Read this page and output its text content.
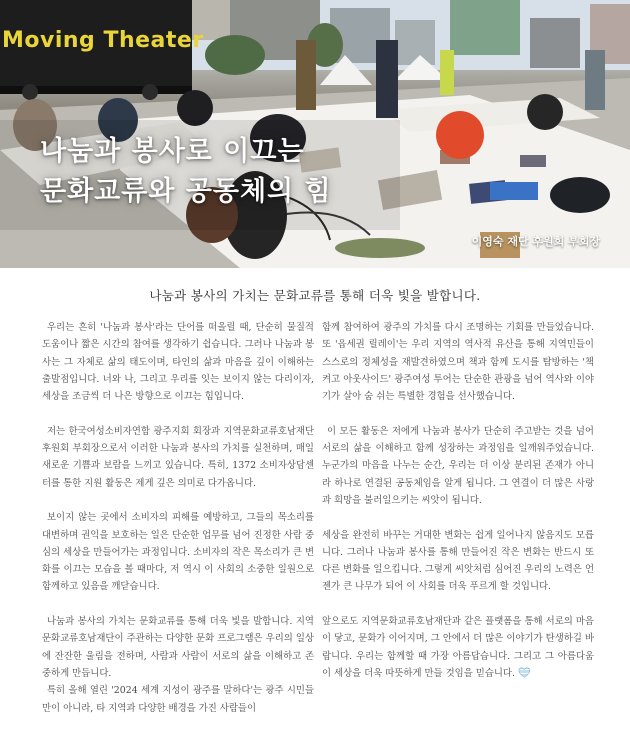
Moving Theater
나눔과 봉사로 이끄는
문화교류와 공동체의 힘
이영숙 재단 후원회 부회장
나눔과 봉사의 가치는 문화교류를 통해 더욱 빛을 발합니다.

우리는 흔히 '나눔과 봉사'라는 단어를 떠올릴 때, 단순히 물질적 도움이나 짧은 시간의 참여를 생각하기 쉽습니다. 그러나 나눔과 봉사는 그 자체로 삶의 태도이며, 타인의 삶과 마음을 깊이 이해하는 출발점입니다. 너와 나, 그리고 우리를 잇는 보이지 않는 다리이자, 세상을 조금씩 더 나은 방향으로 이끄는 힘입니다.

저는 한국여성소비자연합 광주지회 회장과 지역문화교류호남재단 후원회 부회장으로서 이러한 나눔과 봉사의 가치를 실천하며, 매일 새로운 기쁨과 보람을 느끼고 있습니다. 특히, 1372 소비자상담센터를 통한 지원 활동은 제게 깊은 의미로 다가옵니다.

보이지 않는 곳에서 소비자의 피해를 예방하고, 그들의 목소리를 대변하며 권익을 보호하는 일은 단순한 업무를 넘어 진정한 사람 중심의 세상을 만들어가는 과정입니다. 소비자의 작은 목소리가 큰 변화를 이끄는 모습을 볼 때마다, 저 역시 이 사회의 소중한 일원으로 함께하고 있음을 깨닫습니다.

나눔과 봉사의 가치는 문화교류를 통해 더욱 빛을 발합니다. 지역문화교류호남재단이 주관하는 다양한 문화 프로그램은 우리의 일상에 잔잔한 울림을 전하며, 사람과 사람이 서로의 삶을 이해하고 존중하게 만듭니다.

특히 올해 열린 '2024 세계 지성이 광주를 말하다'는 광주 시민들만이 아니라, 타 지역과 다양한 배경을 가진 사람들이

함께 참여하여 광주의 가치를 다시 조명하는 기회를 만들었습니다. 또 '읍세권 릴레이'는 우리 지역의 역사적 유산을 통해 지역민들이 스스로의 정체성을 재발견하였으며 책과 함께 도시를 탐방하는 '책 켜고 아웃사이드' 광주여성 투어는 단순한 관광을 넘어 역사와 이야기가 살아 숨 쉬는 특별한 경험을 선사했습니다.

이 모든 활동은 저에게 나눔과 봉사가 단순히 주고받는 것을 넘어 서로의 삶을 이해하고 함께 성장하는 과정임을 일깨워주었습니다. 누군가의 마음을 나누는 순간, 우리는 더 이상 분리된 존재가 아니라 하나로 연결된 공동체임을 알게 됩니다. 그 연결이 더 많은 사랑과 희망을 불러일으키는 씨앗이 됩니다.

세상을 완전히 바꾸는 거대한 변화는 쉽게 일어나지 않음지도 모릅니다. 그러나 나눔과 봉사를 통해 만들어진 작은 변화는 반드시 또 다른 변화를 일으킵니다. 그렇게 씨앗처럼 심어진 우리의 노력은 언젠가 큰 나무가 되어 이 사회를 더욱 푸르게 할 것입니다.

앞으로도 지역문화교류호남재단과 같은 플랫폼을 통해 서로의 마음이 닿고, 문화가 이어지며, 그 안에서 더 많은 이야기가 탄생하길 바랍니다. 우리는 함께할 때 가장 아름답습니다. 그리고 그 아름다움이 세상을 더욱 따뜻하게 만들 것임을 믿습니다. 💙︎
